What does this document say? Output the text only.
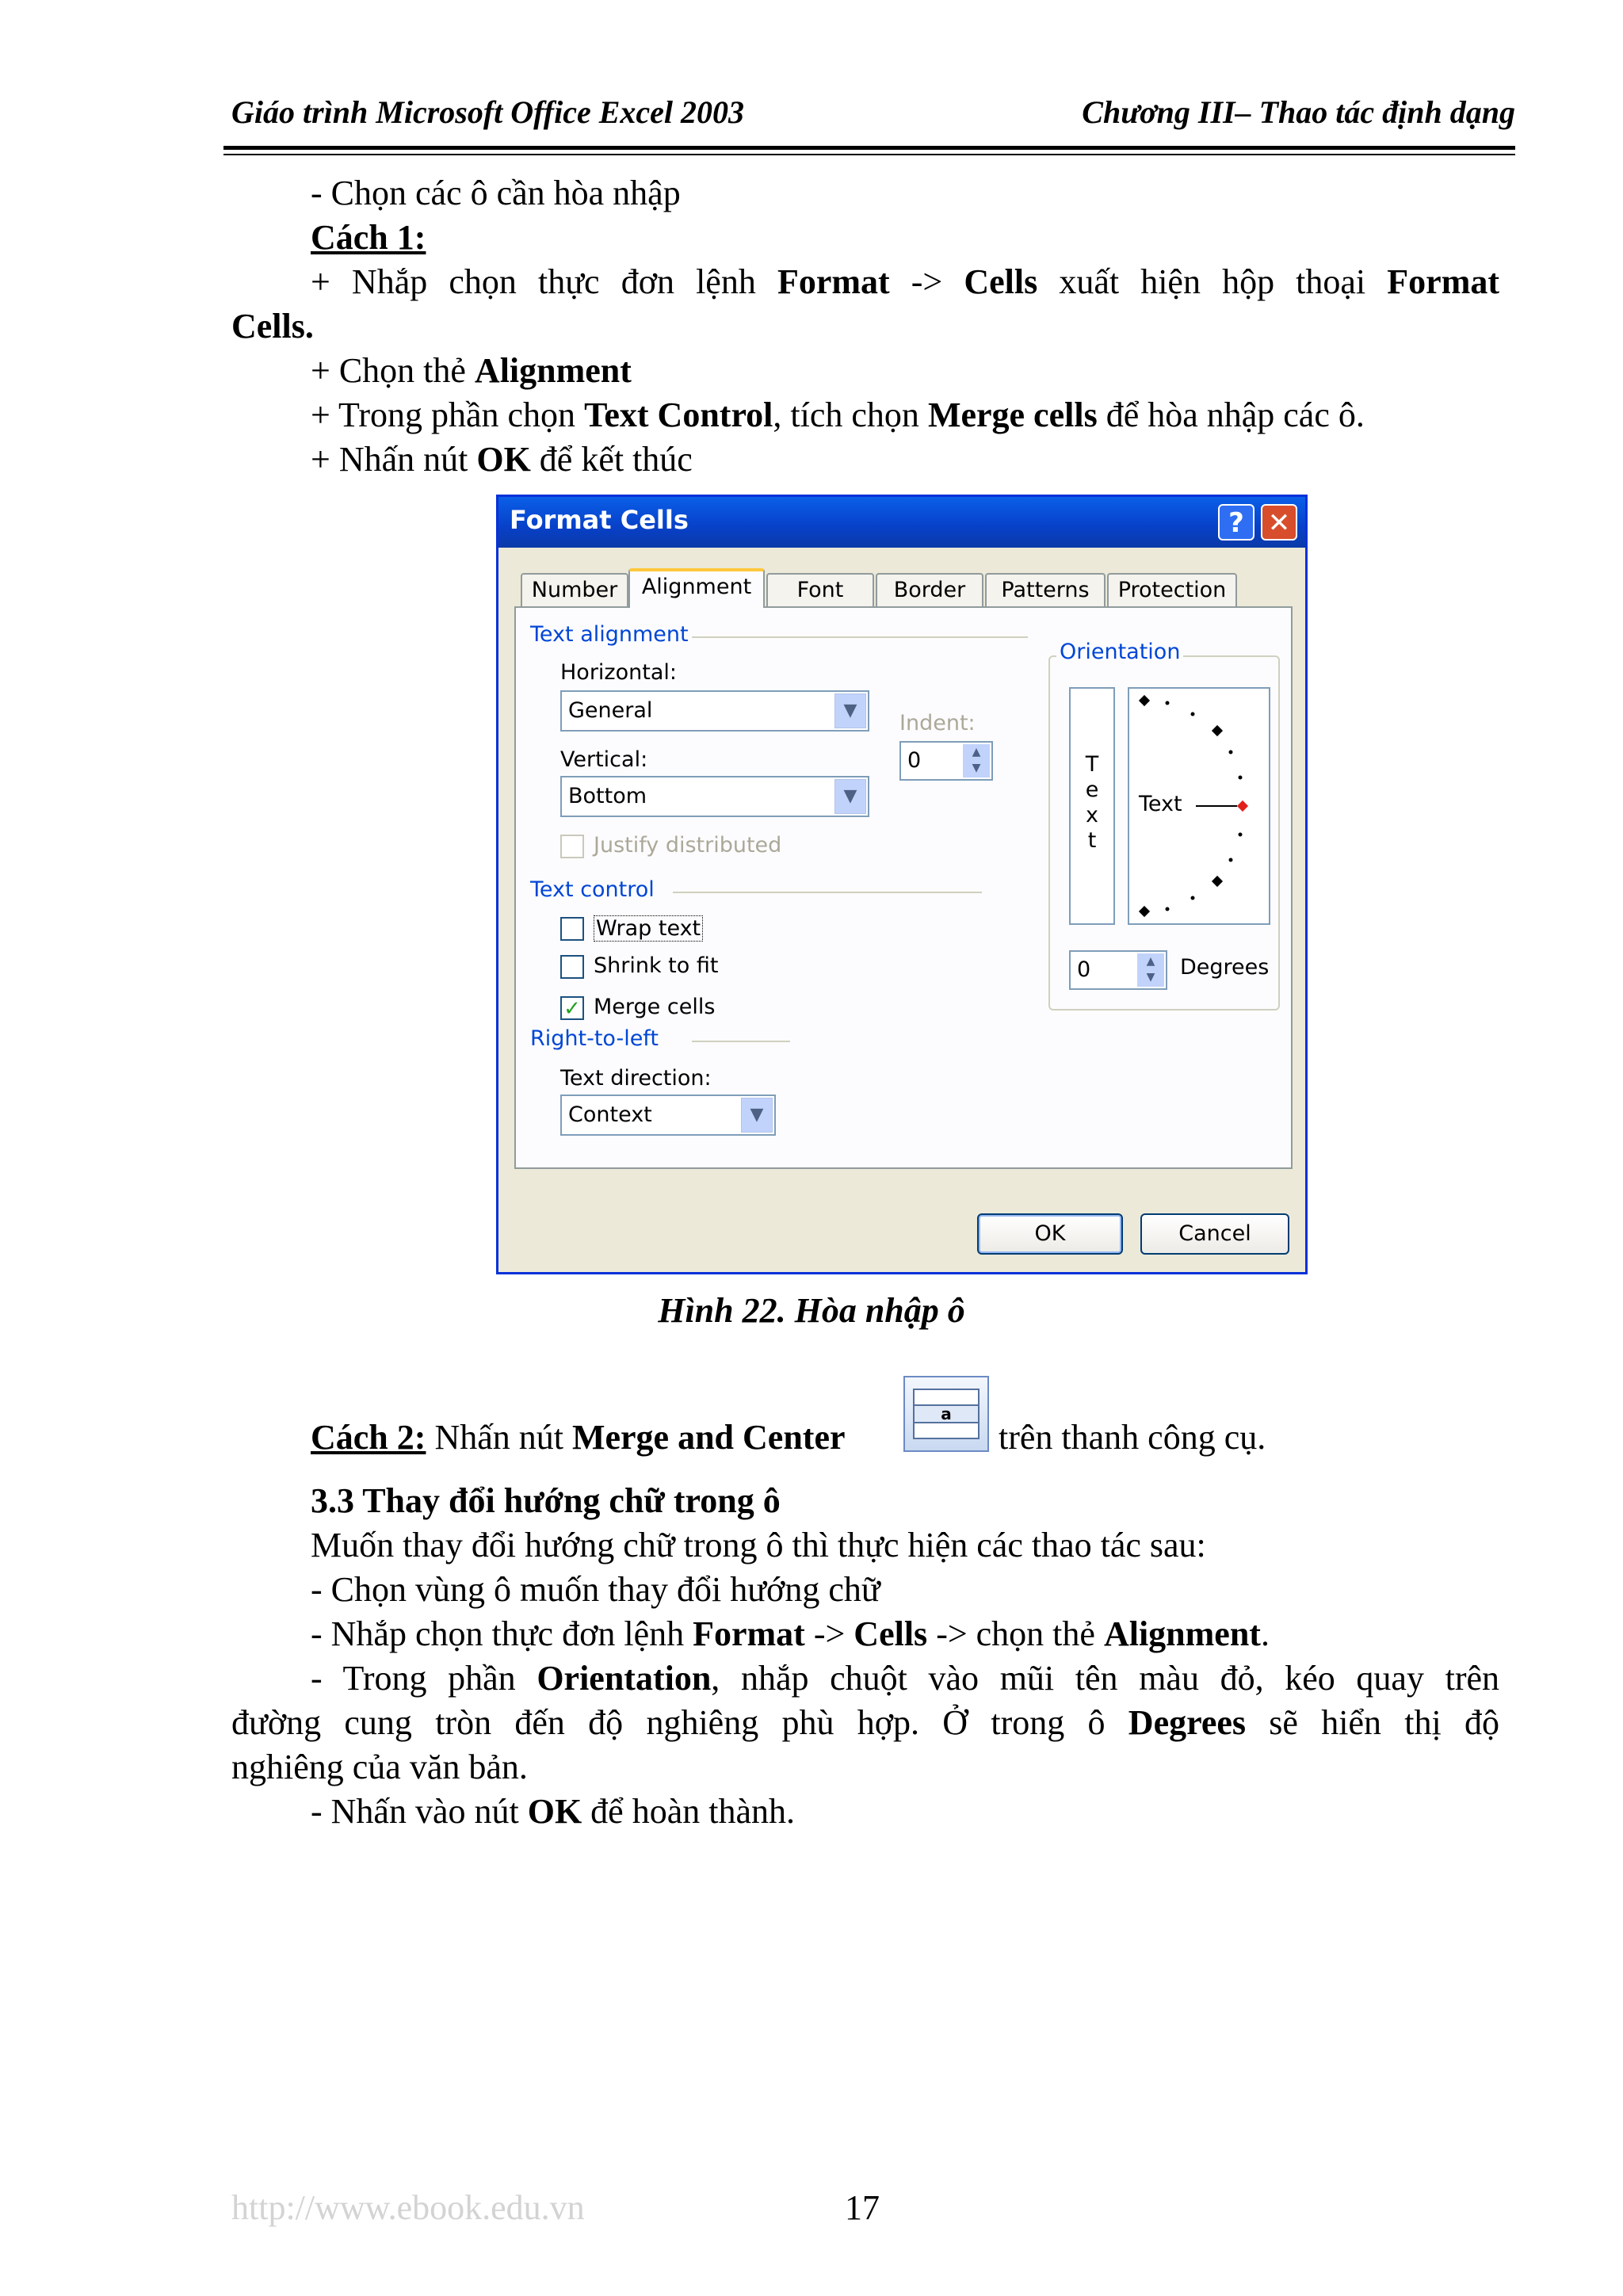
Giáo trình Microsoft Office Excel 2003	Chương III– Thao tác định dạng
- Chọn các ô cần hòa nhập
Cách 1:
+ Nhắp chọn thực đơn lệnh Format -> Cells xuất hiện hộp thoại Format
Cells.
+ Chọn thẻ Alignment
+ Trong phần chọn Text Control, tích chọn Merge cells để hòa nhập các ô.
+ Nhấn nút OK để kết thúc
Format Cells	? ✕
Number	Alignment	Font	Border	Patterns	Protection
Text alignment
Horizontal:
General	▼
Indent:
0	▲
▼
Vertical:
Bottom	▼
Justify distributed
Text control
Wrap text
Shrink to fit
✓ Merge cells
Right-to-left
Text direction:
Context	▼
Orientation
T
e
x
t
Text
0	▲
▼	Degrees
OK	Cancel
Hình 22. Hòa nhập ô
Cách 2: Nhấn nút Merge and Center
a
trên thanh công cụ.
3.3 Thay đổi hướng chữ trong ô
Muốn thay đổi hướng chữ trong ô thì thực hiện các thao tác sau:
- Chọn vùng ô muốn thay đổi hướng chữ
- Nhắp chọn thực đơn lệnh Format -> Cells -> chọn thẻ Alignment.
- Trong phần Orientation, nhắp chuột vào mũi tên màu đỏ, kéo quay trên
đường cung tròn đến độ nghiêng phù hợp. Ở trong ô Degrees sẽ hiển thị độ
nghiêng của văn bản.
- Nhấn vào nút OK để hoàn thành.
http://www.ebook.edu.vn	17
